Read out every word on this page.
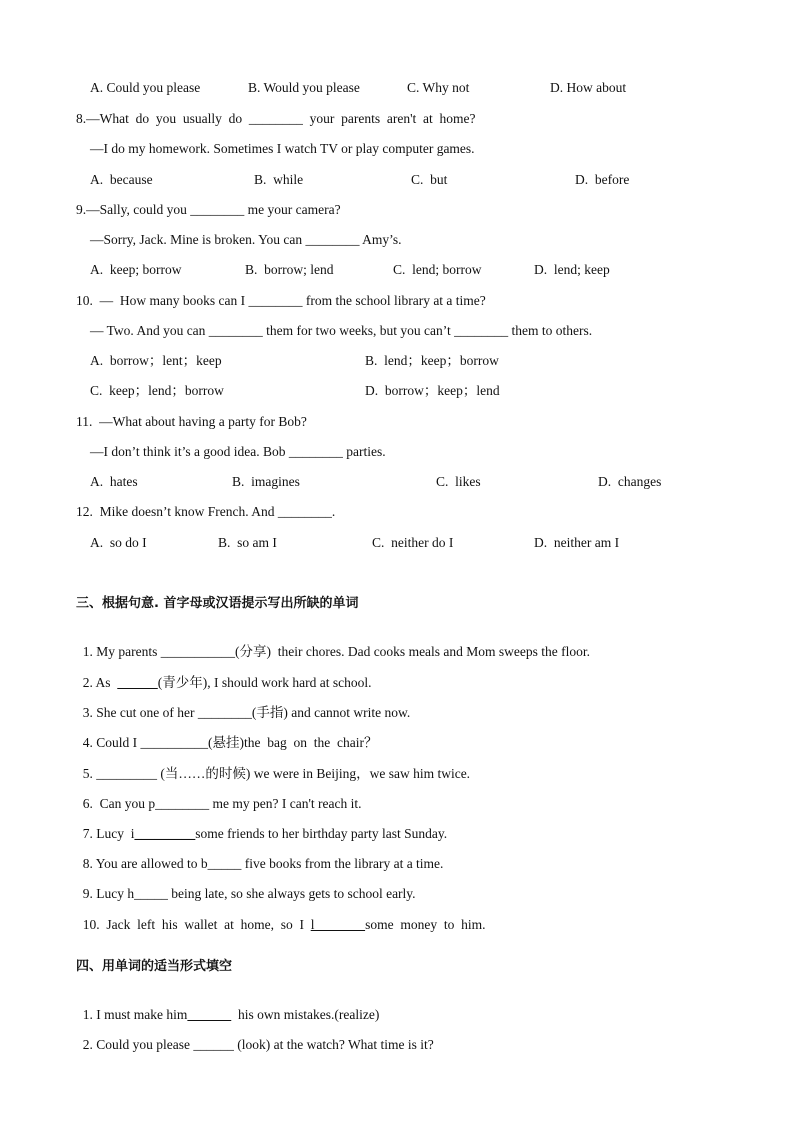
A. Could you please	B. Would you please	C. Why not	D. How about
8.—What  do  you  usually  do  ________  your  parents  aren't  at  home?
—I do my homework. Sometimes I watch TV or play computer games.
A.  because	B.  while	C.  but	D.  before
9.—Sally, could you ________ me your camera?
—Sorry, Jack. Mine is broken. You can ________ Amy’s.
A.  keep; borrow	B.  borrow; lend	C.  lend; borrow	D.  lend; keep
10.  —  How many books can I ________ from the school library at a time?
— Two. And you can ________ them for two weeks, but you can’t ________ them to others.
A.  borrow；lent；keep	B.  lend；keep；borrow
C.  keep；lend；borrow	D.  borrow；keep；lend
11.  —What about having a party for Bob?
—I don’t think it’s a good idea. Bob ________ parties.
A.  hates	B.  imagines	C.  likes	D.  changes
12.  Mike doesn’t know French. And ________.
A.  so do I	B.  so am I	C.  neither do I	D.  neither am I
三、根据句意. 首字母或汉语提示写出所缺的单词

1. My parents ___________(分享)  their chores. Dad cooks meals and Mom sweeps the floor.

2. As	(青少年), I should work hard at school.

3. She cut one of her ________(手指) and cannot write now.

4. Could I __________(悬挂)the  bag  on  the  chair？

5. _________ (当……的时候) we were in Beijing，we saw him twice.

6.  Can you p________ me my pen? I can't reach it.

7. Lucy  i_________some friends to her birthday party last Sunday.

8. You are allowed to b_____ five books from the library at a time.

9. Lucy h_____ being late, so she always gets to school early.

10.  Jack  left  his  wallet  at  home,  so  I  l               some  money  to  him.

四、用单词的适当形式填空

1. I must make him	his own mistakes.(realize)

2. Could you please ______ (look) at the watch? What time is it?
